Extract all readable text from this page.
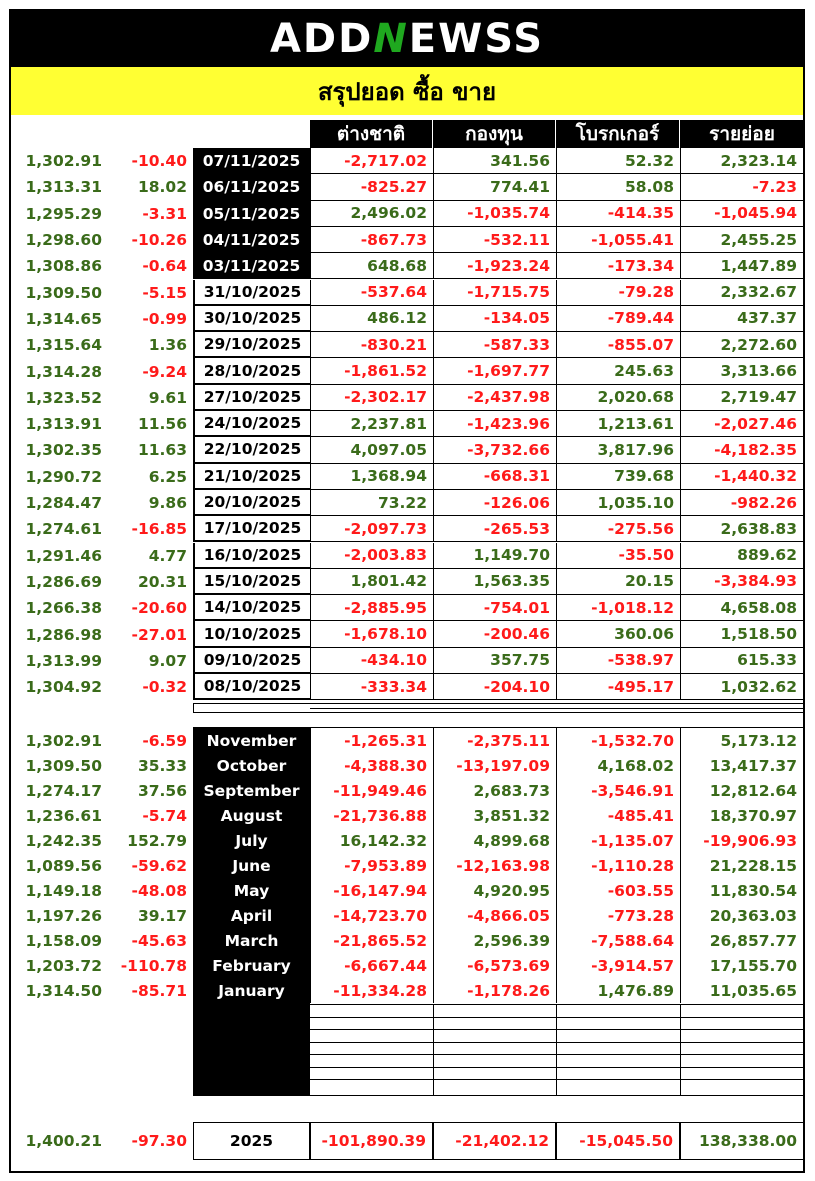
ADDNEWSS
สรุปยอด ซื้อ ขาย
ต่างชาติ	กองทุน	โบรกเกอร์	รายย่อย
1,302.91	-10.40	07/11/2025	-2,717.02	341.56	52.32	2,323.14
1,313.31	18.02	06/11/2025	-825.27	774.41	58.08	-7.23
1,295.29	-3.31	05/11/2025	2,496.02	-1,035.74	-414.35	-1,045.94
1,298.60	-10.26	04/11/2025	-867.73	-532.11	-1,055.41	2,455.25
1,308.86	-0.64	03/11/2025	648.68	-1,923.24	-173.34	1,447.89
1,309.50	-5.15	31/10/2025	-537.64	-1,715.75	-79.28	2,332.67
1,314.65	-0.99	30/10/2025	486.12	-134.05	-789.44	437.37
1,315.64	1.36	29/10/2025	-830.21	-587.33	-855.07	2,272.60
1,314.28	-9.24	28/10/2025	-1,861.52	-1,697.77	245.63	3,313.66
1,323.52	9.61	27/10/2025	-2,302.17	-2,437.98	2,020.68	2,719.47
1,313.91	11.56	24/10/2025	2,237.81	-1,423.96	1,213.61	-2,027.46
1,302.35	11.63	22/10/2025	4,097.05	-3,732.66	3,817.96	-4,182.35
1,290.72	6.25	21/10/2025	1,368.94	-668.31	739.68	-1,440.32
1,284.47	9.86	20/10/2025	73.22	-126.06	1,035.10	-982.26
1,274.61	-16.85	17/10/2025	-2,097.73	-265.53	-275.56	2,638.83
1,291.46	4.77	16/10/2025	-2,003.83	1,149.70	-35.50	889.62
1,286.69	20.31	15/10/2025	1,801.42	1,563.35	20.15	-3,384.93
1,266.38	-20.60	14/10/2025	-2,885.95	-754.01	-1,018.12	4,658.08
1,286.98	-27.01	10/10/2025	-1,678.10	-200.46	360.06	1,518.50
1,313.99	9.07	09/10/2025	-434.10	357.75	-538.97	615.33
1,304.92	-0.32	08/10/2025	-333.34	-204.10	-495.17	1,032.62
1,302.91	-6.59	November	-1,265.31	-2,375.11	-1,532.70	5,173.12
1,309.50	35.33	October	-4,388.30	-13,197.09	4,168.02	13,417.37
1,274.17	37.56	September	-11,949.46	2,683.73	-3,546.91	12,812.64
1,236.61	-5.74	August	-21,736.88	3,851.32	-485.41	18,370.97
1,242.35	152.79	July	16,142.32	4,899.68	-1,135.07	-19,906.93
1,089.56	-59.62	June	-7,953.89	-12,163.98	-1,110.28	21,228.15
1,149.18	-48.08	May	-16,147.94	4,920.95	-603.55	11,830.54
1,197.26	39.17	April	-14,723.70	-4,866.05	-773.28	20,363.03
1,158.09	-45.63	March	-21,865.52	2,596.39	-7,588.64	26,857.77
1,203.72	-110.78	February	-6,667.44	-6,573.69	-3,914.57	17,155.70
1,314.50	-85.71	January	-11,334.28	-1,178.26	1,476.89	11,035.65
1,400.21	-97.30	2025	-101,890.39	-21,402.12	-15,045.50	138,338.00
